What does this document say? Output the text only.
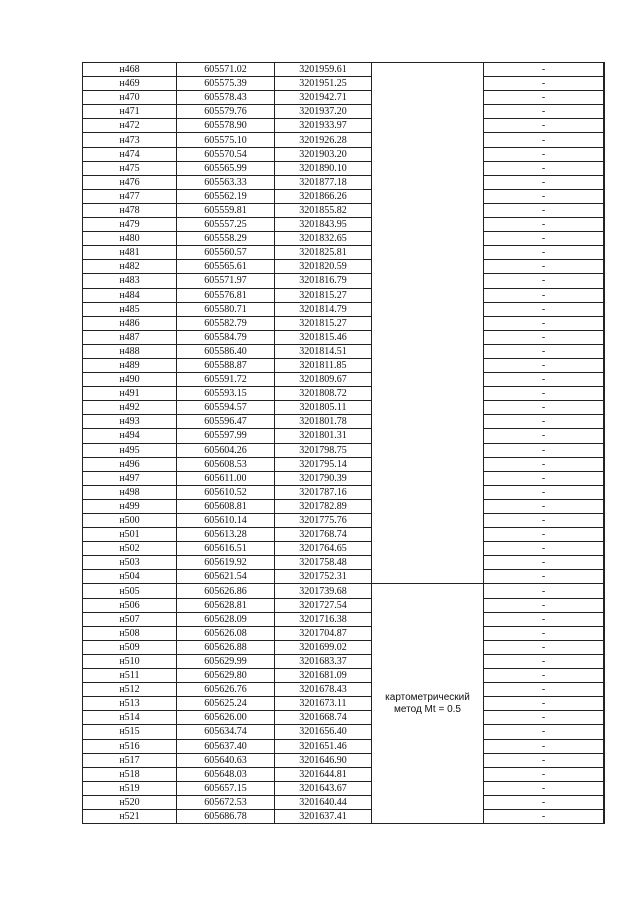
н468	605571.02	3201959.61		-
н469	605575.39	3201951.25		-
н470	605578.43	3201942.71		-
н471	605579.76	3201937.20		-
н472	605578.90	3201933.97		-
н473	605575.10	3201926.28		-
н474	605570.54	3201903.20		-
н475	605565.99	3201890.10		-
н476	605563.33	3201877.18		-
н477	605562.19	3201866.26		-
н478	605559.81	3201855.82		-
н479	605557.25	3201843.95		-
н480	605558.29	3201832.65		-
н481	605560.57	3201825.81		-
н482	605565.61	3201820.59		-
н483	605571.97	3201816.79		-
н484	605576.81	3201815.27		-
н485	605580.71	3201814.79		-
н486	605582.79	3201815.27		-
н487	605584.79	3201815.46		-
н488	605586.40	3201814.51		-
н489	605588.87	3201811.85		-
н490	605591.72	3201809.67		-
н491	605593.15	3201808.72		-
н492	605594.57	3201805.11		-
н493	605596.47	3201801.78		-
н494	605597.99	3201801.31		-
н495	605604.26	3201798.75		-
н496	605608.53	3201795.14		-
н497	605611.00	3201790.39		-
н498	605610.52	3201787.16		-
н499	605608.81	3201782.89		-
н500	605610.14	3201775.76		-
н501	605613.28	3201768.74		-
н502	605616.51	3201764.65		-
н503	605619.92	3201758.48		-
н504	605621.54	3201752.31		-
н505	605626.86	3201739.68	картометрический
метод Mt = 0.5	-
н506	605628.81	3201727.54		-
н507	605628.09	3201716.38		-
н508	605626.08	3201704.87		-
н509	605626.88	3201699.02		-
н510	605629.99	3201683.37		-
н511	605629.80	3201681.09		-
н512	605626.76	3201678.43		-
н513	605625.24	3201673.11		-
н514	605626.00	3201668.74		-
н515	605634.74	3201656.40		-
н516	605637.40	3201651.46		-
н517	605640.63	3201646.90		-
н518	605648.03	3201644.81		-
н519	605657.15	3201643.67		-
н520	605672.53	3201640.44		-
н521	605686.78	3201637.41		-
